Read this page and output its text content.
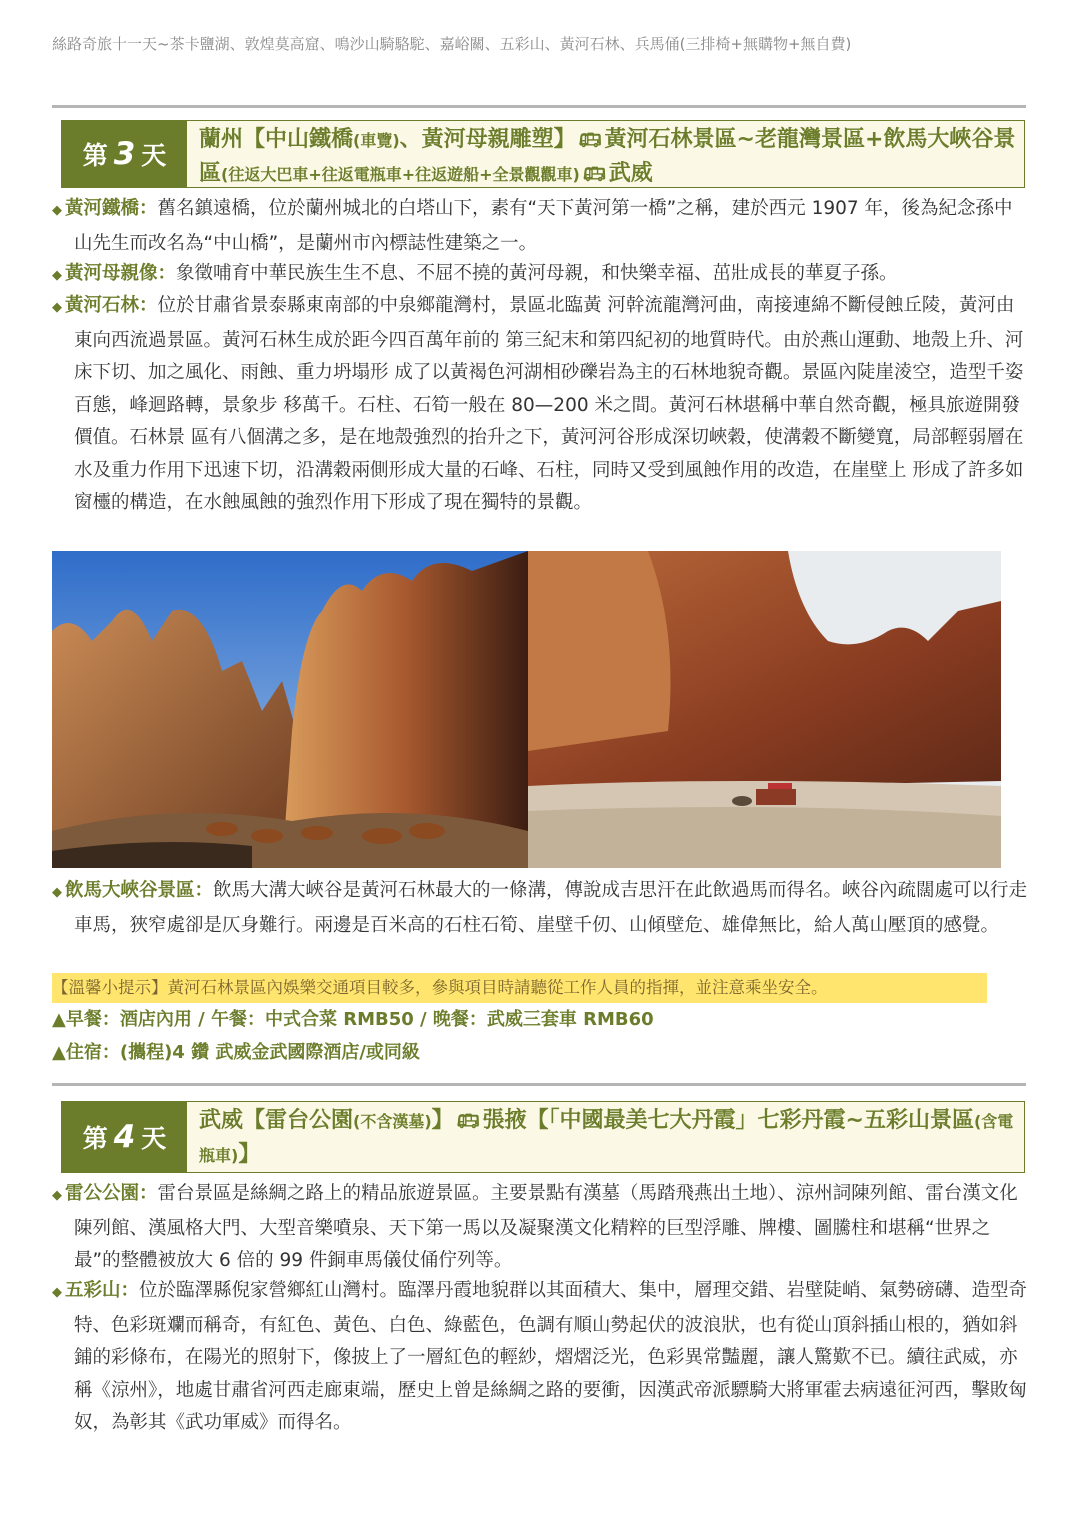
絲路奇旅十一天~茶卡鹽湖、敦煌莫高窟、鳴沙山騎駱駝、嘉峪關、五彩山、黃河石林、兵馬俑(三排椅+無購物+無自費)
第 3 天
蘭州【中山鐵橋(車覽)、黃河母親雕塑】 🚌︎ 黃河石林景區~老龍灣景區+飲馬大峽谷景區(往返大巴車+往返電瓶車+往返遊船+全景觀觀車) 🚌︎ 武威
◆ 黃河鐵橋：舊名鎮遠橋，位於蘭州城北的白塔山下，素有“天下黃河第一橋”之稱，建於西元 1907 年，後為紀念孫中山先生而改名為“中山橋”，是蘭州市內標誌性建築之一。
◆ 黃河母親像：象徵哺育中華民族生生不息、不屈不撓的黃河母親，和快樂幸福、茁壯成長的華夏子孫。
◆ 黃河石林：位於甘肅省景泰縣東南部的中泉鄉龍灣村，景區北臨黃 河幹流龍灣河曲，南接連綿不斷侵蝕丘陵，黃河由東向西流過景區。黃河石林生成於距今四百萬年前的 第三紀末和第四紀初的地質時代。由於燕山運動、地殼上升、河床下切、加之風化、雨蝕、重力坍塌形 成了以黃褐色河湖相砂礫岩為主的石林地貌奇觀。景區內陡崖淩空，造型千姿百態，峰迴路轉，景象步 移萬千。石柱、石筍一般在 80—200 米之間。黃河石林堪稱中華自然奇觀，極具旅遊開發價值。石林景 區有八個溝之多，是在地殼強烈的抬升之下，黃河河谷形成深切峽穀，使溝穀不斷變寬，局部輕弱層在 水及重力作用下迅速下切，沿溝穀兩側形成大量的石峰、石柱，同時又受到風蝕作用的改造，在崖壁上 形成了許多如窗欞的構造，在水蝕風蝕的強烈作用下形成了現在獨特的景觀。
◆ 飲馬大峽谷景區：飲馬大溝大峽谷是黃河石林最大的一條溝，傳說成吉思汗在此飲過馬而得名。峽谷內疏闊處可以行走車馬，狹窄處卻是仄身難行。兩邊是百米高的石柱石筍、崖壁千仞、山傾壁危、雄偉無比，給人萬山壓頂的感覺。
【溫馨小提示】黃河石林景區內娛樂交通項目較多，參與項目時請聽從工作人員的指揮，並注意乘坐安全。
▲早餐：酒店內用 / 午餐：中式合菜 RMB50 / 晚餐：武威三套車 RMB60
▲住宿：(攜程)4 鑽 武威金武國際酒店/或同級
第 4 天
武威【雷台公園(不含漢墓)】 🚌︎ 張掖【「中國最美七大丹霞」七彩丹霞~五彩山景區(含電瓶車)】
◆ 雷公公園：雷台景區是絲綢之路上的精品旅遊景區。主要景點有漢墓（馬踏飛燕出土地）、涼州詞陳列館、雷台漢文化陳列館、漢風格大門、大型音樂噴泉、天下第一馬以及凝聚漢文化精粹的巨型浮雕、牌樓、圖騰柱和堪稱“世界之最”的整體被放大 6 倍的 99 件銅車馬儀仗俑佇列等。
◆ 五彩山：位於臨澤縣倪家營鄉紅山灣村。臨澤丹霞地貌群以其面積大、集中，層理交錯、岩壁陡峭、氣勢磅礴、造型奇特、色彩斑斕而稱奇，有紅色、黃色、白色、綠藍色，色調有順山勢起伏的波浪狀，也有從山頂斜插山根的，猶如斜鋪的彩條布，在陽光的照射下，像披上了一層紅色的輕紗，熠熠泛光，色彩異常豔麗，讓人驚歎不已。續往武威，亦稱《涼州》，地處甘肅省河西走廊東端，歷史上曾是絲綢之路的要衝，因漢武帝派驃騎大將軍霍去病遠征河西，擊敗匈奴，為彰其《武功軍威》而得名。
